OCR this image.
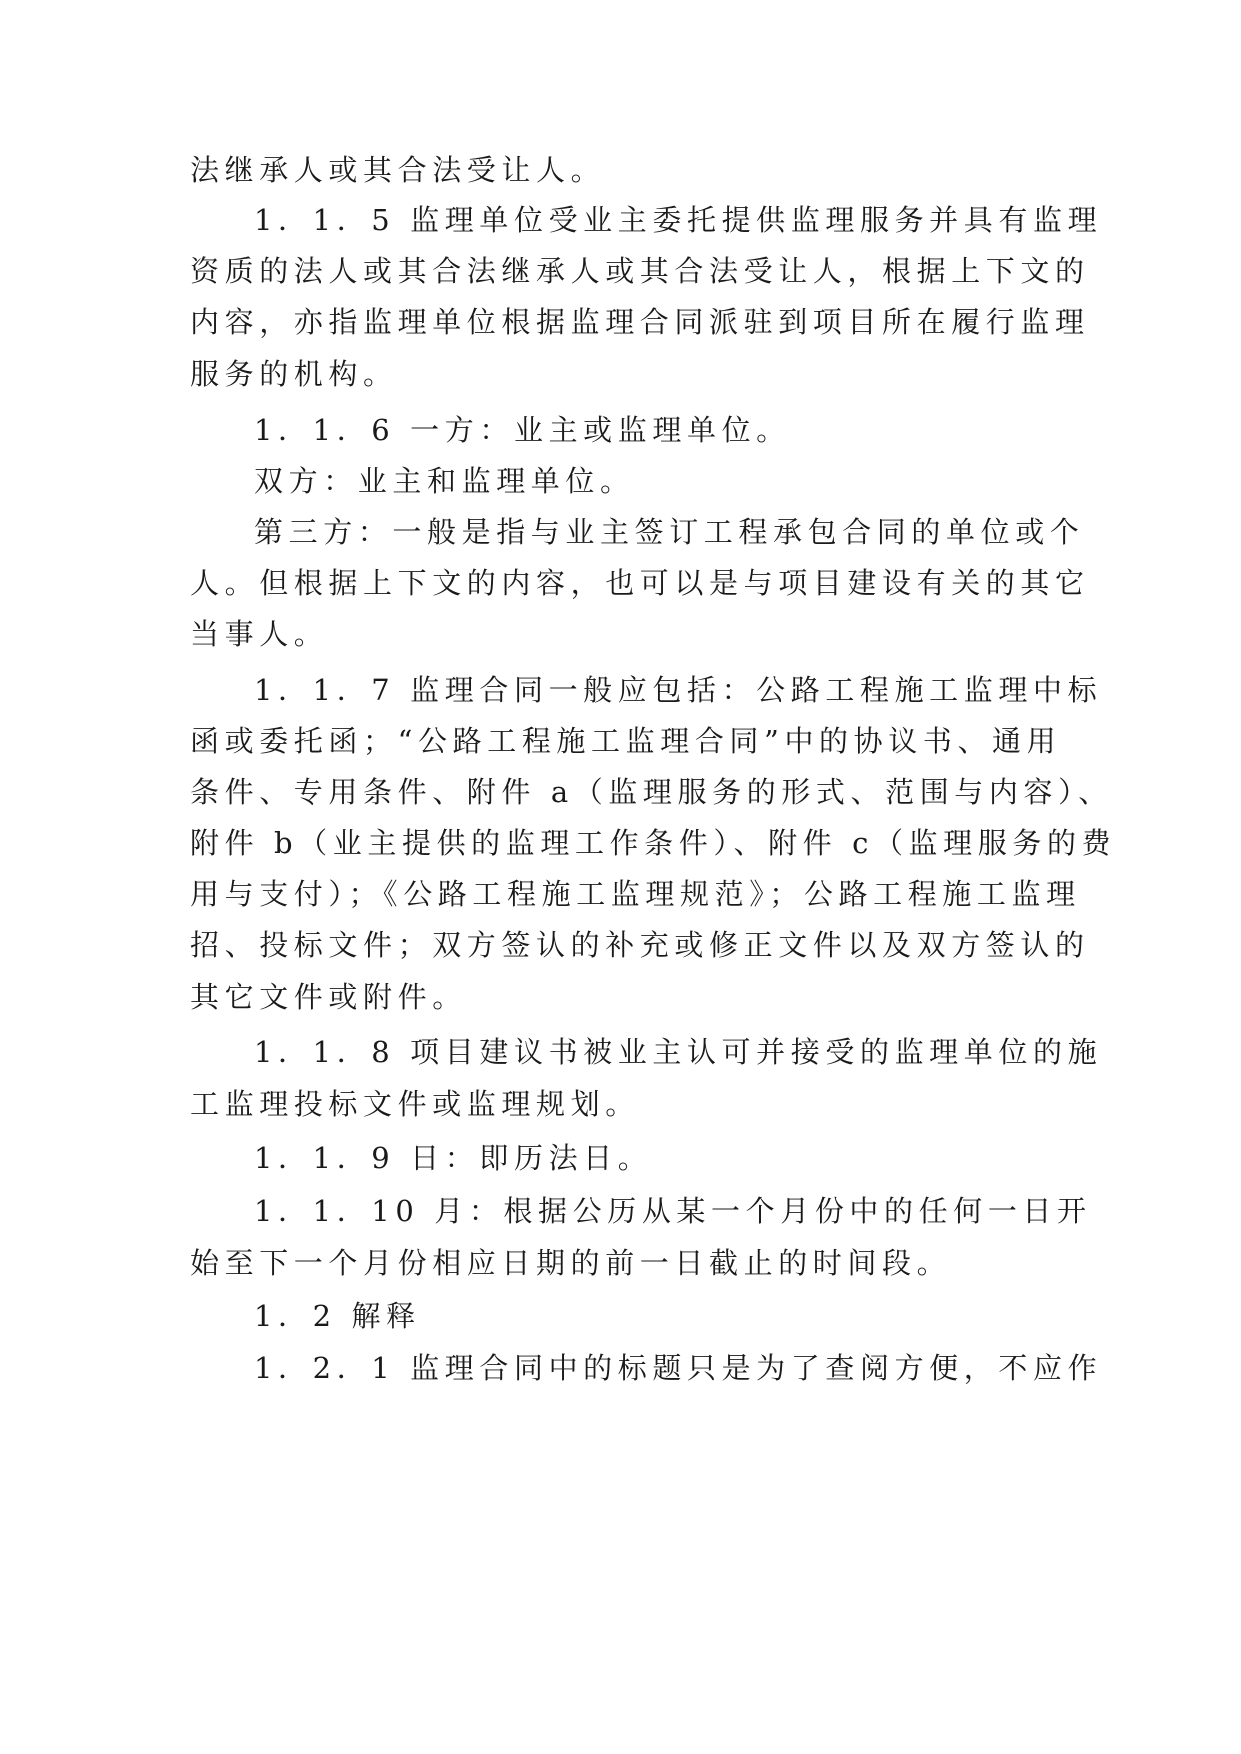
法继承人或其合法受让人。
1．1．5 监理单位受业主委托提供监理服务并具有监理
资质的法人或其合法继承人或其合法受让人，根据上下文的
内容，亦指监理单位根据监理合同派驻到项目所在履行监理
服务的机构。
1．1．6 一方：业主或监理单位。
双方：业主和监理单位。
第三方：一般是指与业主签订工程承包合同的单位或个
人。但根据上下文的内容，也可以是与项目建设有关的其它
当事人。
1．1．7 监理合同一般应包括：公路工程施工监理中标
函或委托函；“公路工程施工监理合同”中的协议书、通用
条件、专用条件、附件 a（监理服务的形式、范围与内容）、
附件 b（业主提供的监理工作条件）、附件 c（监理服务的费
用与支付）；《公路工程施工监理规范》；公路工程施工监理
招、投标文件；双方签认的补充或修正文件以及双方签认的
其它文件或附件。
1．1．8 项目建议书被业主认可并接受的监理单位的施
工监理投标文件或监理规划。
1．1．9 日：即历法日。
1．1．10 月：根据公历从某一个月份中的任何一日开
始至下一个月份相应日期的前一日截止的时间段。
1．2 解释
1．2．1 监理合同中的标题只是为了查阅方便，不应作
